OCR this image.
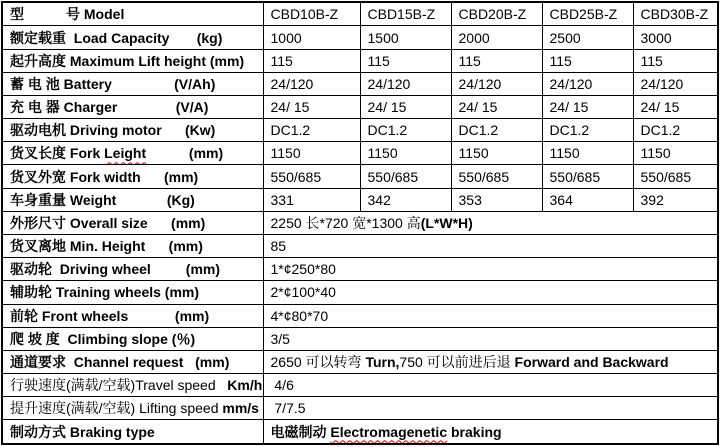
型　　　号 Model	CBD10B-Z	CBD15B-Z	CBD20B-Z	CBD25B-Z	CBD30B-Z
额定载重  Load Capacity       (kg)	1000	1500	2000	2500	3000
起升高度 Maximum Lift height (mm)	115	115	115	115	115
蓄 电 池 Battery                (V/Ah)	24/120	24/120	24/120	24/120	24/120
充 电 器 Charger               (V/A)	24/ 15	24/ 15	24/ 15	24/ 15	24/ 15
驱动电机 Driving motor      (Kw)	DC1.2	DC1.2	DC1.2	DC1.2	DC1.2
货叉长度 Fork Leight           (mm)	1150	1150	1150	1150	1150
货叉外宽 Fork width      (mm)	550/685	550/685	550/685	550/685	550/685
车身重量 Weight             (Kg)	331	342	353	364	392
外形尺寸 Overall size      (mm)	2250 长*720 宽*1300 高(L*W*H)				
货叉离地 Min. Height      (mm)	85				
驱动轮  Driving wheel         (mm)	1*¢250*80				
辅助轮 Training wheels (mm)	2*¢100*40				
前轮 Front wheels            (mm)	4*¢80*70				
爬 坡 度  Climbing slope (％)	3/5				
通道要求  Channel request   (mm)	2650 可以转弯 Turn,750 可以前进后退 Forward and Backward				
行驶速度(满载/空载)Travel speed   Km/h	4/6				
提升速度(满载/空载) Lifting speed mm/s	7/7.5				
制动方式 Braking type	电磁制动 Electromagenetic braking				
